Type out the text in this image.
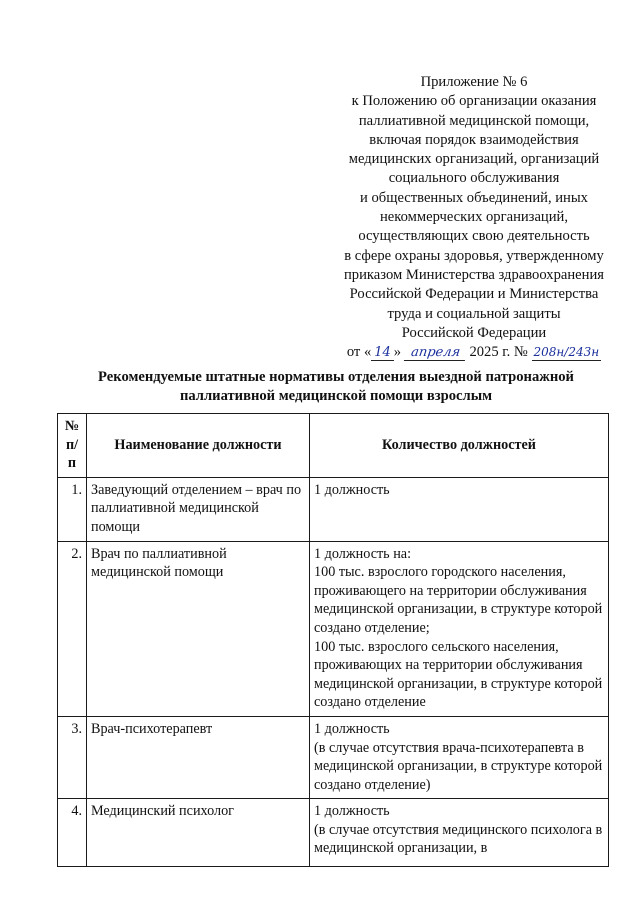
Приложение № 6
к Положению об организации оказания
паллиативной медицинской помощи,
включая порядок взаимодействия
медицинских организаций, организаций
социального обслуживания
и общественных объединений, иных
некоммерческих организаций,
осуществляющих свою деятельность
в сфере охраны здоровья, утвержденному
приказом Министерства здравоохранения
Российской Федерации и Министерства
труда и социальной защиты
Российской Федерации
от « 14 » апреля 2025 г. № 208н/243н
Рекомендуемые штатные нормативы отделения выездной патронажной паллиативной медицинской помощи взрослым
№ п/п	Наименование должности	Количество должностей
1.	Заведующий отделением – врач по паллиативной медицинской помощи	1 должность

2.	Врач по паллиативной медицинской помощи	1 должность на:
100 тыс. взрослого городского населения, проживающего на территории обслуживания медицинской организации, в структуре которой создано отделение;
100 тыс. взрослого сельского населения, проживающих на территории обслуживания медицинской организации, в структуре которой создано отделение

3.	Врач-психотерапевт	1 должность
(в случае отсутствия врача-психотерапевта в медицинской организации, в структуре которой создано отделение)

4.	Медицинский психолог	1 должность
(в случае отсутствия медицинского психолога в медицинской организации, в
